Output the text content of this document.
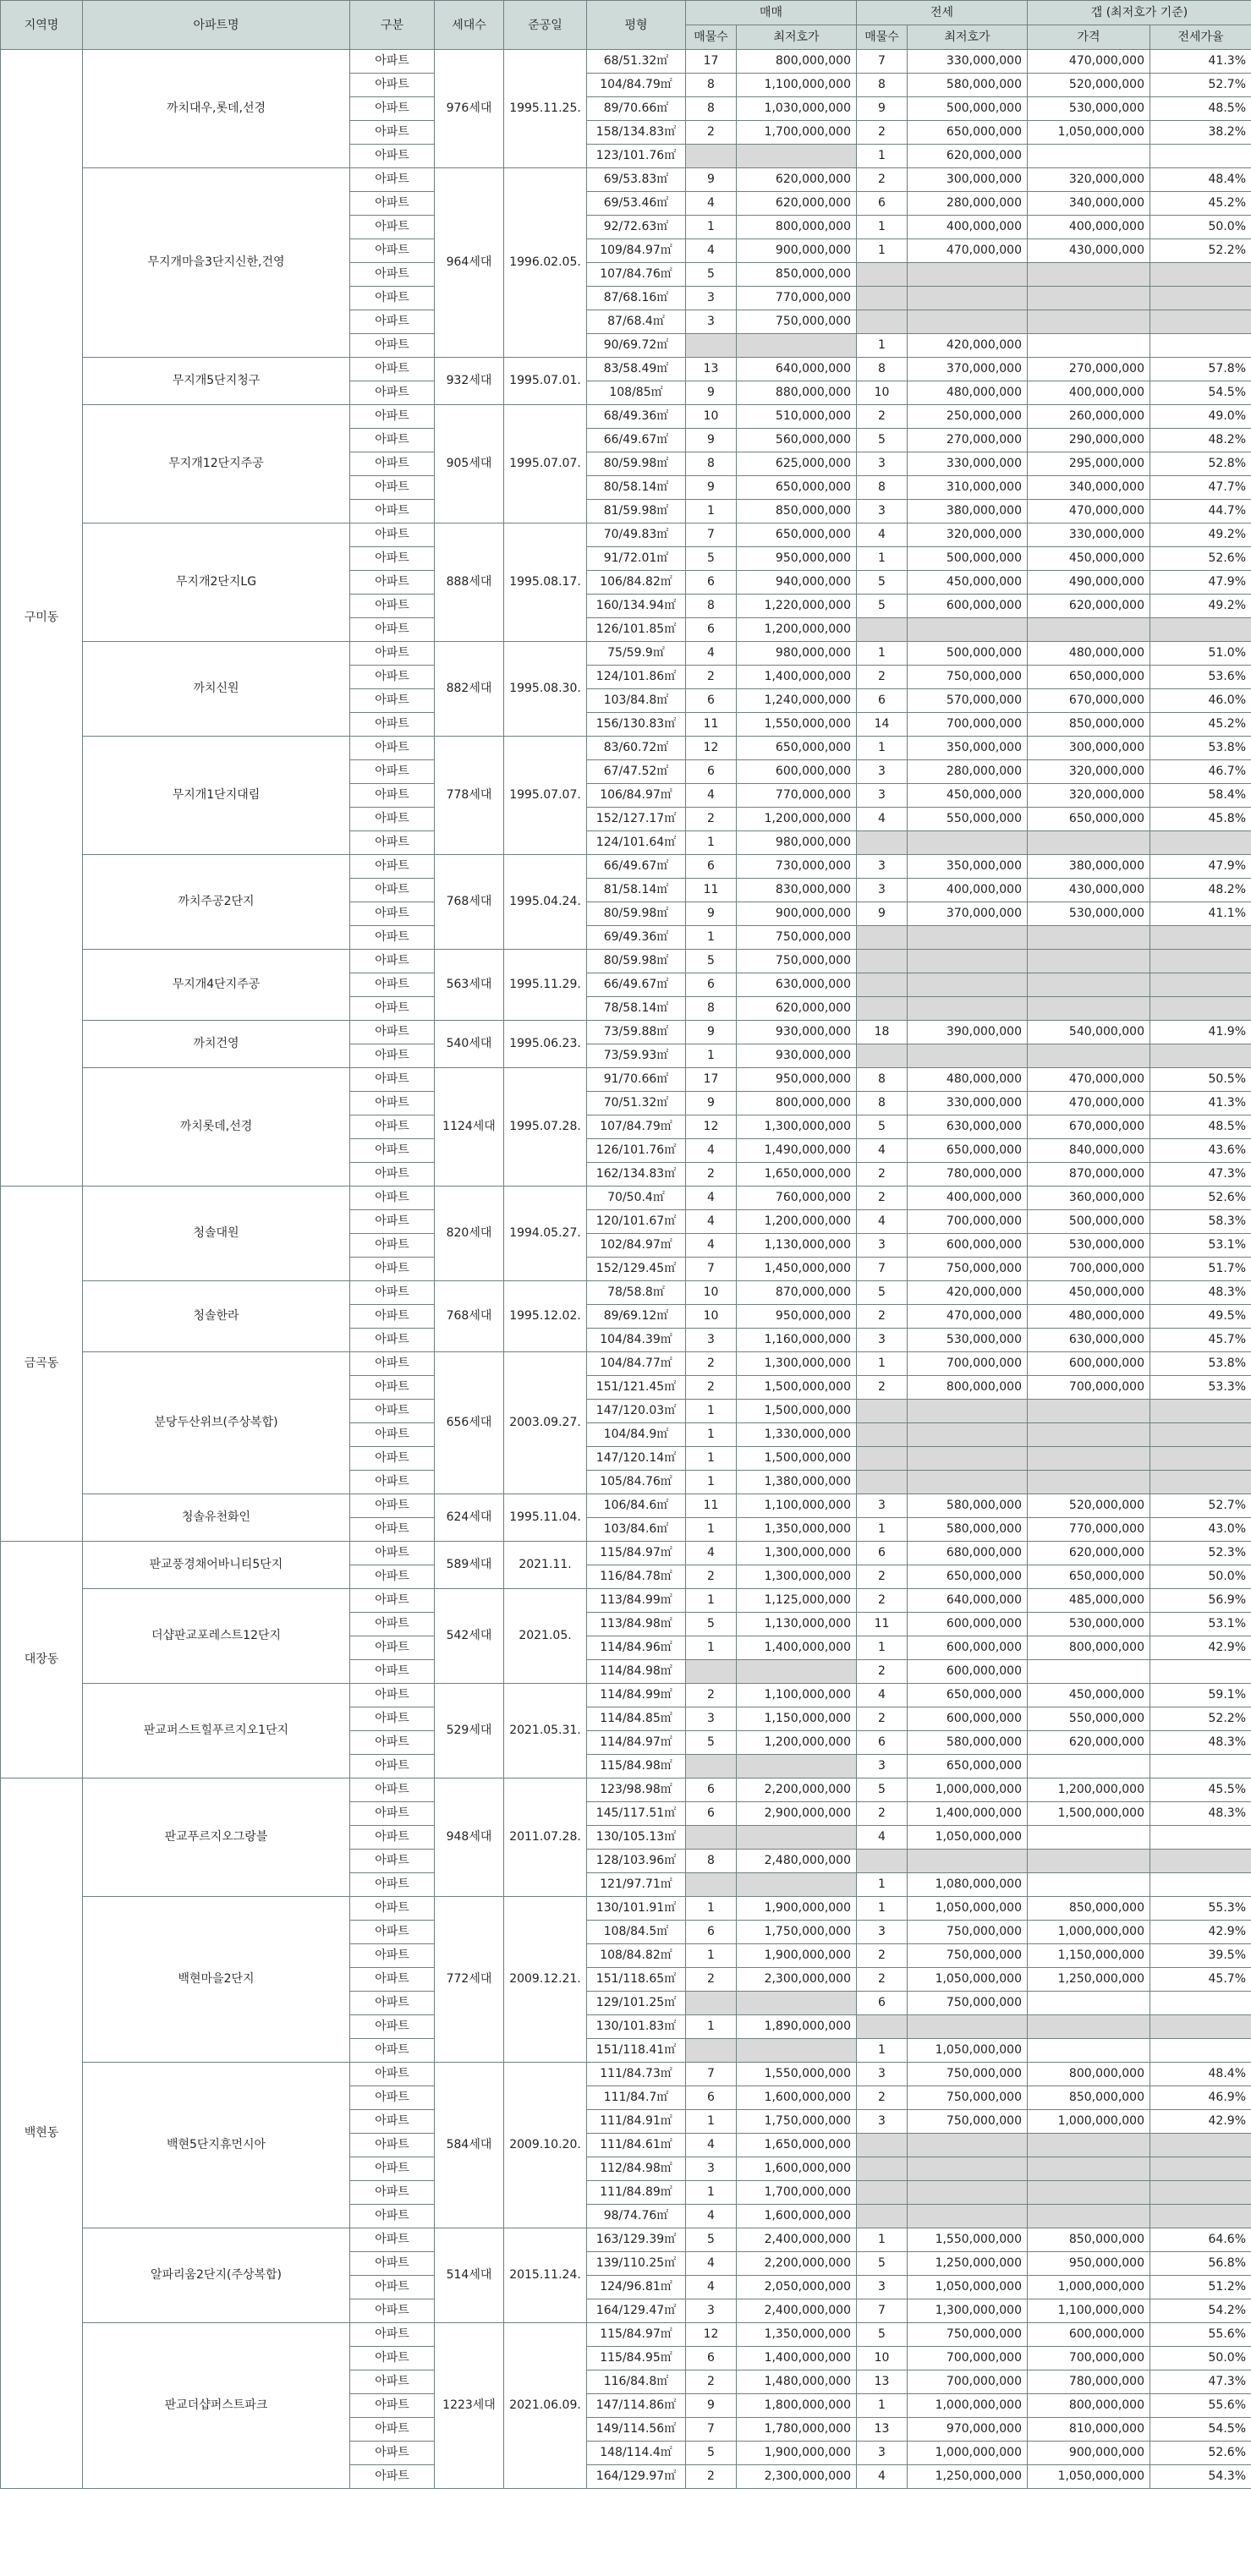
지역명	아파트명	구분	세대수	준공일	평형	매매		전세		갭 (최저호가 기준)	
						매물수	최저호가	매물수	최저호가	가격	전세가율
구미동	까치대우,롯데,선경	아파트	976세대	1995.11.25.	68/51.32㎡	17	800,000,000	7	330,000,000	470,000,000	41.3%
		아파트			104/84.79㎡	8	1,100,000,000	8	580,000,000	520,000,000	52.7%
		아파트			89/70.66㎡	8	1,030,000,000	9	500,000,000	530,000,000	48.5%
		아파트			158/134.83㎡	2	1,700,000,000	2	650,000,000	1,050,000,000	38.2%
		아파트			123/101.76㎡			1	620,000,000		
	무지개마을3단지신한,건영	아파트	964세대	1996.02.05.	69/53.83㎡	9	620,000,000	2	300,000,000	320,000,000	48.4%
		아파트			69/53.46㎡	4	620,000,000	6	280,000,000	340,000,000	45.2%
		아파트			92/72.63㎡	1	800,000,000	1	400,000,000	400,000,000	50.0%
		아파트			109/84.97㎡	4	900,000,000	1	470,000,000	430,000,000	52.2%
		아파트			107/84.76㎡	5	850,000,000				
		아파트			87/68.16㎡	3	770,000,000				
		아파트			87/68.4㎡	3	750,000,000				
		아파트			90/69.72㎡			1	420,000,000		
	무지개5단지청구	아파트	932세대	1995.07.01.	83/58.49㎡	13	640,000,000	8	370,000,000	270,000,000	57.8%
		아파트			108/85㎡	9	880,000,000	10	480,000,000	400,000,000	54.5%
	무지개12단지주공	아파트	905세대	1995.07.07.	68/49.36㎡	10	510,000,000	2	250,000,000	260,000,000	49.0%
		아파트			66/49.67㎡	9	560,000,000	5	270,000,000	290,000,000	48.2%
		아파트			80/59.98㎡	8	625,000,000	3	330,000,000	295,000,000	52.8%
		아파트			80/58.14㎡	9	650,000,000	8	310,000,000	340,000,000	47.7%
		아파트			81/59.98㎡	1	850,000,000	3	380,000,000	470,000,000	44.7%
	무지개2단지LG	아파트	888세대	1995.08.17.	70/49.83㎡	7	650,000,000	4	320,000,000	330,000,000	49.2%
		아파트			91/72.01㎡	5	950,000,000	1	500,000,000	450,000,000	52.6%
		아파트			106/84.82㎡	6	940,000,000	5	450,000,000	490,000,000	47.9%
		아파트			160/134.94㎡	8	1,220,000,000	5	600,000,000	620,000,000	49.2%
		아파트			126/101.85㎡	6	1,200,000,000				
	까치신원	아파트	882세대	1995.08.30.	75/59.9㎡	4	980,000,000	1	500,000,000	480,000,000	51.0%
		아파트			124/101.86㎡	2	1,400,000,000	2	750,000,000	650,000,000	53.6%
		아파트			103/84.8㎡	6	1,240,000,000	6	570,000,000	670,000,000	46.0%
		아파트			156/130.83㎡	11	1,550,000,000	14	700,000,000	850,000,000	45.2%
	무지개1단지대림	아파트	778세대	1995.07.07.	83/60.72㎡	12	650,000,000	1	350,000,000	300,000,000	53.8%
		아파트			67/47.52㎡	6	600,000,000	3	280,000,000	320,000,000	46.7%
		아파트			106/84.97㎡	4	770,000,000	3	450,000,000	320,000,000	58.4%
		아파트			152/127.17㎡	2	1,200,000,000	4	550,000,000	650,000,000	45.8%
		아파트			124/101.64㎡	1	980,000,000				
	까치주공2단지	아파트	768세대	1995.04.24.	66/49.67㎡	6	730,000,000	3	350,000,000	380,000,000	47.9%
		아파트			81/58.14㎡	11	830,000,000	3	400,000,000	430,000,000	48.2%
		아파트			80/59.98㎡	9	900,000,000	9	370,000,000	530,000,000	41.1%
		아파트			69/49.36㎡	1	750,000,000				
	무지개4단지주공	아파트	563세대	1995.11.29.	80/59.98㎡	5	750,000,000				
		아파트			66/49.67㎡	6	630,000,000				
		아파트			78/58.14㎡	8	620,000,000				
	까치건영	아파트	540세대	1995.06.23.	73/59.88㎡	9	930,000,000	18	390,000,000	540,000,000	41.9%
		아파트			73/59.93㎡	1	930,000,000				
	까치롯데,선경	아파트	1124세대	1995.07.28.	91/70.66㎡	17	950,000,000	8	480,000,000	470,000,000	50.5%
		아파트			70/51.32㎡	9	800,000,000	8	330,000,000	470,000,000	41.3%
		아파트			107/84.79㎡	12	1,300,000,000	5	630,000,000	670,000,000	48.5%
		아파트			126/101.76㎡	4	1,490,000,000	4	650,000,000	840,000,000	43.6%
		아파트			162/134.83㎡	2	1,650,000,000	2	780,000,000	870,000,000	47.3%
금곡동	청솔대원	아파트	820세대	1994.05.27.	70/50.4㎡	4	760,000,000	2	400,000,000	360,000,000	52.6%
		아파트			120/101.67㎡	4	1,200,000,000	4	700,000,000	500,000,000	58.3%
		아파트			102/84.97㎡	4	1,130,000,000	3	600,000,000	530,000,000	53.1%
		아파트			152/129.45㎡	7	1,450,000,000	7	750,000,000	700,000,000	51.7%
	청솔한라	아파트	768세대	1995.12.02.	78/58.8㎡	10	870,000,000	5	420,000,000	450,000,000	48.3%
		아파트			89/69.12㎡	10	950,000,000	2	470,000,000	480,000,000	49.5%
		아파트			104/84.39㎡	3	1,160,000,000	3	530,000,000	630,000,000	45.7%
	분당두산위브(주상복합)	아파트	656세대	2003.09.27.	104/84.77㎡	2	1,300,000,000	1	700,000,000	600,000,000	53.8%
		아파트			151/121.45㎡	2	1,500,000,000	2	800,000,000	700,000,000	53.3%
		아파트			147/120.03㎡	1	1,500,000,000				
		아파트			104/84.9㎡	1	1,330,000,000				
		아파트			147/120.14㎡	1	1,500,000,000				
		아파트			105/84.76㎡	1	1,380,000,000				
	청솔유천화인	아파트	624세대	1995.11.04.	106/84.6㎡	11	1,100,000,000	3	580,000,000	520,000,000	52.7%
		아파트			103/84.6㎡	1	1,350,000,000	1	580,000,000	770,000,000	43.0%
대장동	판교풍경채어바니티5단지	아파트	589세대	2021.11.	115/84.97㎡	4	1,300,000,000	6	680,000,000	620,000,000	52.3%
		아파트			116/84.78㎡	2	1,300,000,000	2	650,000,000	650,000,000	50.0%
	더샵판교포레스트12단지	아파트	542세대	2021.05.	113/84.99㎡	1	1,125,000,000	2	640,000,000	485,000,000	56.9%
		아파트			113/84.98㎡	5	1,130,000,000	11	600,000,000	530,000,000	53.1%
		아파트			114/84.96㎡	1	1,400,000,000	1	600,000,000	800,000,000	42.9%
		아파트			114/84.98㎡			2	600,000,000		
	판교퍼스트힐푸르지오1단지	아파트	529세대	2021.05.31.	114/84.99㎡	2	1,100,000,000	4	650,000,000	450,000,000	59.1%
		아파트			114/84.85㎡	3	1,150,000,000	2	600,000,000	550,000,000	52.2%
		아파트			114/84.97㎡	5	1,200,000,000	6	580,000,000	620,000,000	48.3%
		아파트			115/84.98㎡			3	650,000,000		
백현동	판교푸르지오그랑블	아파트	948세대	2011.07.28.	123/98.98㎡	6	2,200,000,000	5	1,000,000,000	1,200,000,000	45.5%
		아파트			145/117.51㎡	6	2,900,000,000	2	1,400,000,000	1,500,000,000	48.3%
		아파트			130/105.13㎡			4	1,050,000,000		
		아파트			128/103.96㎡	8	2,480,000,000				
		아파트			121/97.71㎡			1	1,080,000,000		
	백현마을2단지	아파트	772세대	2009.12.21.	130/101.91㎡	1	1,900,000,000	1	1,050,000,000	850,000,000	55.3%
		아파트			108/84.5㎡	6	1,750,000,000	3	750,000,000	1,000,000,000	42.9%
		아파트			108/84.82㎡	1	1,900,000,000	2	750,000,000	1,150,000,000	39.5%
		아파트			151/118.65㎡	2	2,300,000,000	2	1,050,000,000	1,250,000,000	45.7%
		아파트			129/101.25㎡			6	750,000,000		
		아파트			130/101.83㎡	1	1,890,000,000				
		아파트			151/118.41㎡			1	1,050,000,000		
	백현5단지휴먼시아	아파트	584세대	2009.10.20.	111/84.73㎡	7	1,550,000,000	3	750,000,000	800,000,000	48.4%
		아파트			111/84.7㎡	6	1,600,000,000	2	750,000,000	850,000,000	46.9%
		아파트			111/84.91㎡	1	1,750,000,000	3	750,000,000	1,000,000,000	42.9%
		아파트			111/84.61㎡	4	1,650,000,000				
		아파트			112/84.98㎡	3	1,600,000,000				
		아파트			111/84.89㎡	1	1,700,000,000				
		아파트			98/74.76㎡	4	1,600,000,000				
	알파리움2단지(주상복합)	아파트	514세대	2015.11.24.	163/129.39㎡	5	2,400,000,000	1	1,550,000,000	850,000,000	64.6%
		아파트			139/110.25㎡	4	2,200,000,000	5	1,250,000,000	950,000,000	56.8%
		아파트			124/96.81㎡	4	2,050,000,000	3	1,050,000,000	1,000,000,000	51.2%
		아파트			164/129.47㎡	3	2,400,000,000	7	1,300,000,000	1,100,000,000	54.2%
	판교더샵퍼스트파크	아파트	1223세대	2021.06.09.	115/84.97㎡	12	1,350,000,000	5	750,000,000	600,000,000	55.6%
		아파트			115/84.95㎡	6	1,400,000,000	10	700,000,000	700,000,000	50.0%
		아파트			116/84.8㎡	2	1,480,000,000	13	700,000,000	780,000,000	47.3%
		아파트			147/114.86㎡	9	1,800,000,000	1	1,000,000,000	800,000,000	55.6%
		아파트			149/114.56㎡	7	1,780,000,000	13	970,000,000	810,000,000	54.5%
		아파트			148/114.4㎡	5	1,900,000,000	3	1,000,000,000	900,000,000	52.6%
		아파트			164/129.97㎡	2	2,300,000,000	4	1,250,000,000	1,050,000,000	54.3%
